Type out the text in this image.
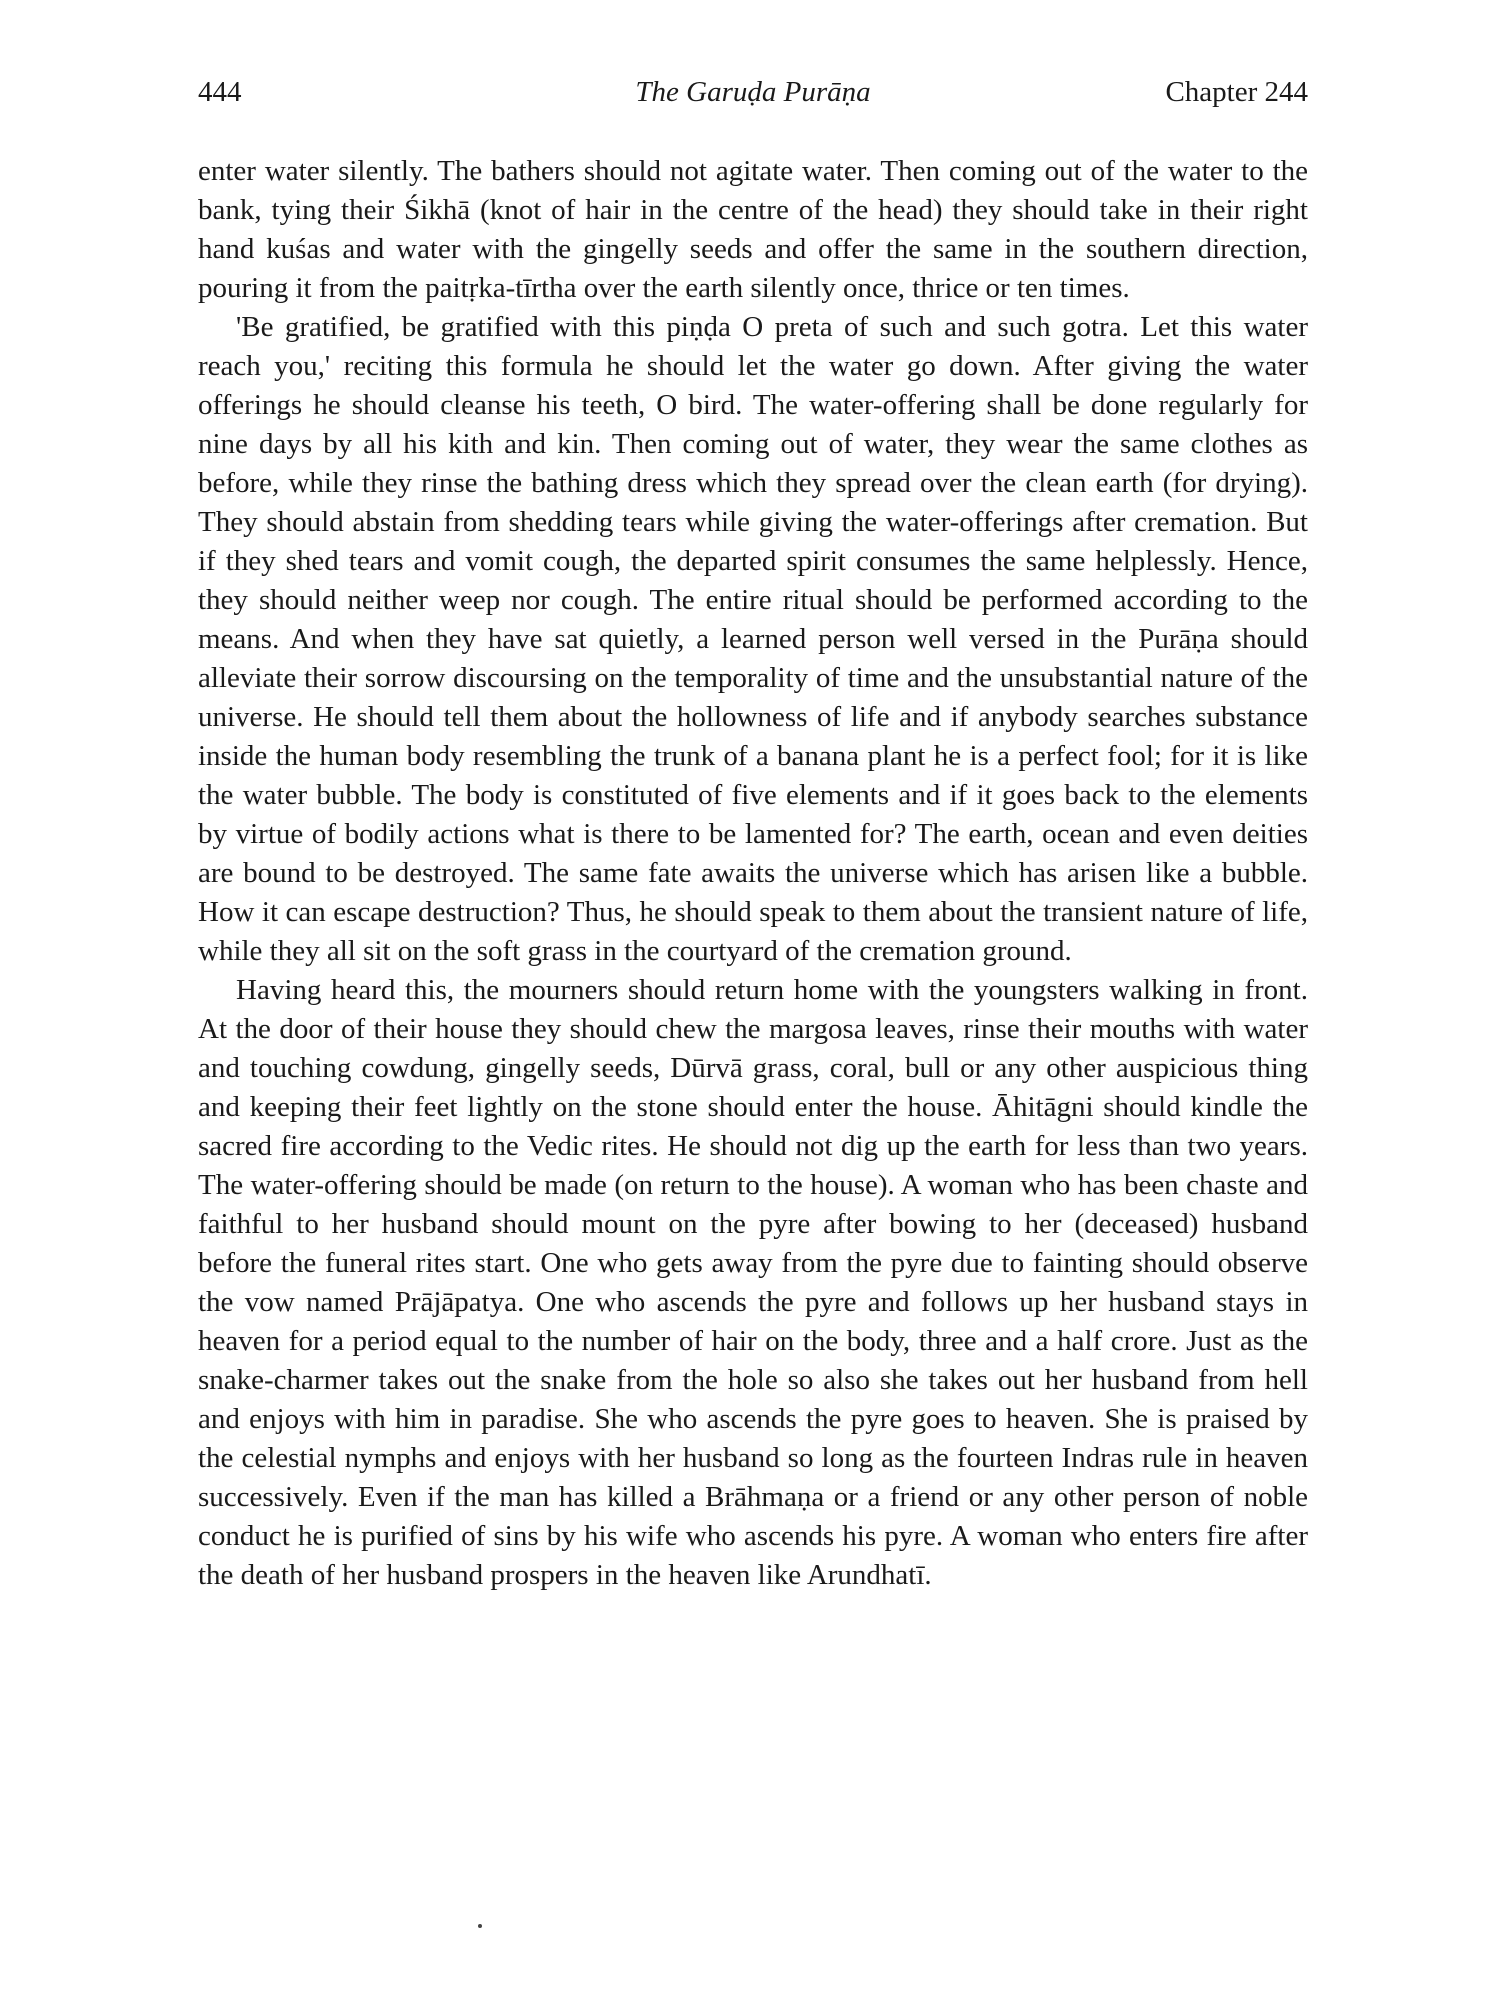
444	The Garuḍa Purāṇa	Chapter 244

enter water silently. The bathers should not agitate water. Then coming out of the water to the bank, tying their Śikhā (knot of hair in the centre of the head) they should take in their right hand kuśas and water with the gingelly seeds and offer the same in the southern direction, pouring it from the paitṛka-tīrtha over the earth silently once, thrice or ten times.

'Be gratified, be gratified with this piṇḍa O preta of such and such gotra. Let this water reach you,' reciting this formula he should let the water go down. After giving the water offerings he should cleanse his teeth, O bird. The water-offering shall be done regularly for nine days by all his kith and kin. Then coming out of water, they wear the same clothes as before, while they rinse the bathing dress which they spread over the clean earth (for drying). They should abstain from shedding tears while giving the water-offerings after cremation. But if they shed tears and vomit cough, the departed spirit consumes the same helplessly. Hence, they should neither weep nor cough. The entire ritual should be performed according to the means. And when they have sat quietly, a learned person well versed in the Purāṇa should alleviate their sorrow discoursing on the temporality of time and the unsubstantial nature of the universe. He should tell them about the hollowness of life and if anybody searches substance inside the human body resembling the trunk of a banana plant he is a perfect fool; for it is like the water bubble. The body is constituted of five elements and if it goes back to the elements by virtue of bodily actions what is there to be lamented for? The earth, ocean and even deities are bound to be destroyed. The same fate awaits the universe which has arisen like a bubble. How it can escape destruction? Thus, he should speak to them about the transient nature of life, while they all sit on the soft grass in the courtyard of the cremation ground.

Having heard this, the mourners should return home with the youngsters walking in front. At the door of their house they should chew the margosa leaves, rinse their mouths with water and touching cowdung, gingelly seeds, Dūrvā grass, coral, bull or any other auspicious thing and keeping their feet lightly on the stone should enter the house. Āhitāgni should kindle the sacred fire according to the Vedic rites. He should not dig up the earth for less than two years. The water-offering should be made (on return to the house). A woman who has been chaste and faithful to her husband should mount on the pyre after bowing to her (deceased) husband before the funeral rites start. One who gets away from the pyre due to fainting should observe the vow named Prājāpatya. One who ascends the pyre and follows up her husband stays in heaven for a period equal to the number of hair on the body, three and a half crore. Just as the snake-charmer takes out the snake from the hole so also she takes out her husband from hell and enjoys with him in paradise. She who ascends the pyre goes to heaven. She is praised by the celestial nymphs and enjoys with her husband so long as the fourteen Indras rule in heaven successively. Even if the man has killed a Brāhmaṇa or a friend or any other person of noble conduct he is purified of sins by his wife who ascends his pyre. A woman who enters fire after the death of her husband prospers in the heaven like Arundhatī.
